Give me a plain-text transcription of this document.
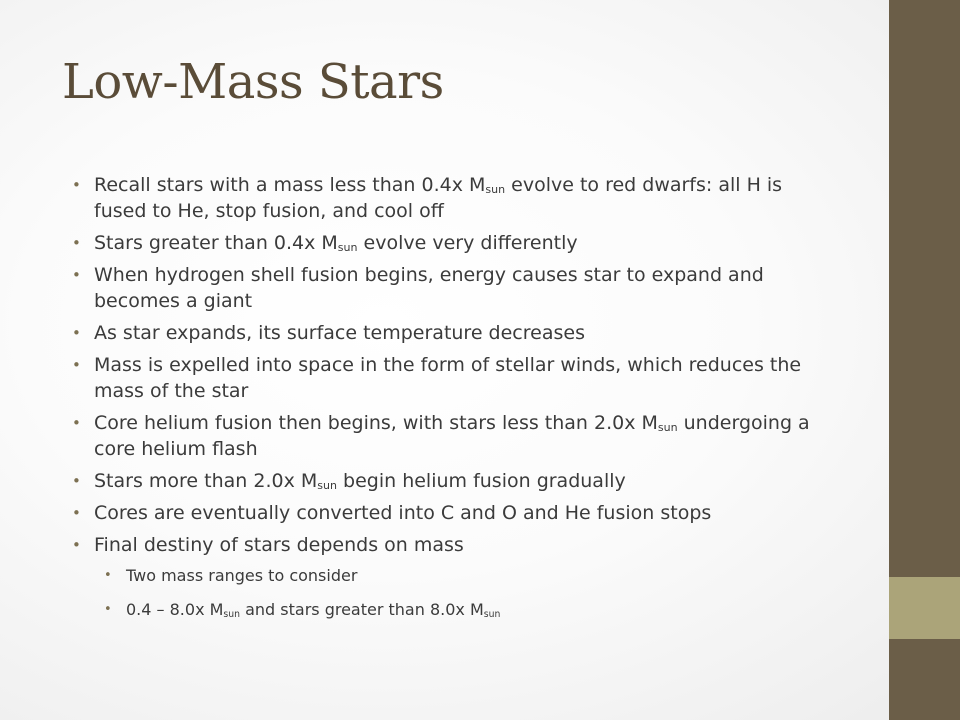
Low-Mass Stars
• Recall stars with a mass less than 0.4x $M_{sun}$ evolve to red dwarfs: all H is fused to He, stop fusion, and cool off
• Stars greater than 0.4x $M_{sun}$ evolve very differently
• When hydrogen shell fusion begins, energy causes star to expand and becomes a giant
• As star expands, its surface temperature decreases
• Mass is expelled into space in the form of stellar winds, which reduces the mass of the star
• Core helium fusion then begins, with stars less than 2.0x $M_{sun}$ undergoing a core helium flash
• Stars more than 2.0x $M_{sun}$ begin helium fusion gradually
• Cores are eventually converted into C and O and He fusion stops
• Final destiny of stars depends on mass
• Two mass ranges to consider
• 0.4 – 8.0x $M_{sun}$ and stars greater than 8.0x $M_{sun}$
